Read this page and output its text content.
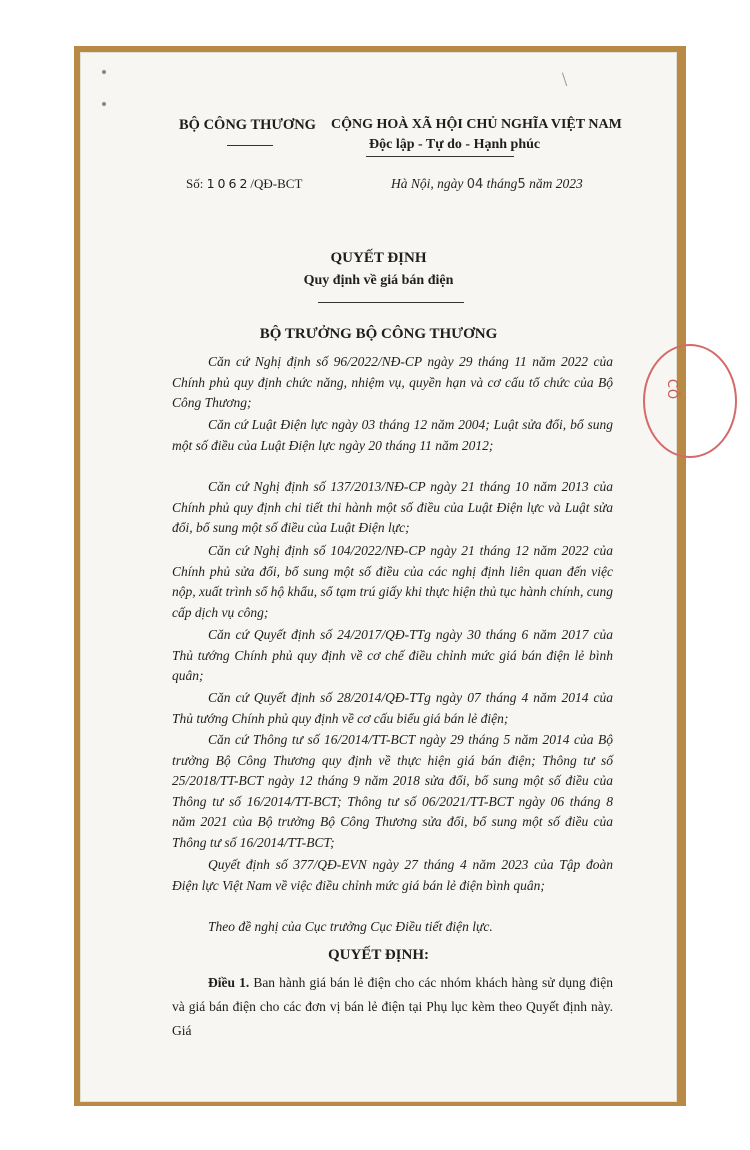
CÔ
BỘ CÔNG THƯƠNG CỘNG HOÀ XÃ HỘI CHỦ NGHĨA VIỆT NAM
Độc lập - Tự do - Hạnh phúc
Số: 1062/QĐ-BCT	Hà Nội, ngày 04 tháng5 năm 2023
QUYẾT ĐỊNH
Quy định về giá bán điện
BỘ TRƯỞNG BỘ CÔNG THƯƠNG
Căn cứ Nghị định số 96/2022/NĐ-CP ngày 29 tháng 11 năm 2022 của Chính phủ quy định chức năng, nhiệm vụ, quyền hạn và cơ cấu tổ chức của Bộ Công Thương;
Căn cứ Luật Điện lực ngày 03 tháng 12 năm 2004; Luật sửa đổi, bổ sung một số điều của Luật Điện lực ngày 20 tháng 11 năm 2012;
Căn cứ Nghị định số 137/2013/NĐ-CP ngày 21 tháng 10 năm 2013 của Chính phủ quy định chi tiết thi hành một số điều của Luật Điện lực và Luật sửa đổi, bổ sung một số điều của Luật Điện lực;
Căn cứ Nghị định số 104/2022/NĐ-CP ngày 21 tháng 12 năm 2022 của Chính phủ sửa đổi, bổ sung một số điều của các nghị định liên quan đến việc nộp, xuất trình sổ hộ khẩu, sổ tạm trú giấy khi thực hiện thủ tục hành chính, cung cấp dịch vụ công;
Căn cứ Quyết định số 24/2017/QĐ-TTg ngày 30 tháng 6 năm 2017 của Thủ tướng Chính phủ quy định về cơ chế điều chỉnh mức giá bán điện lẻ bình quân;
Căn cứ Quyết định số 28/2014/QĐ-TTg ngày 07 tháng 4 năm 2014 của Thủ tướng Chính phủ quy định về cơ cấu biểu giá bán lẻ điện;
Căn cứ Thông tư số 16/2014/TT-BCT ngày 29 tháng 5 năm 2014 của Bộ trưởng Bộ Công Thương quy định về thực hiện giá bán điện; Thông tư số 25/2018/TT-BCT ngày 12 tháng 9 năm 2018 sửa đổi, bổ sung một số điều của Thông tư số 16/2014/TT-BCT; Thông tư số 06/2021/TT-BCT ngày 06 tháng 8 năm 2021 của Bộ trưởng Bộ Công Thương sửa đổi, bổ sung một số điều của Thông tư số 16/2014/TT-BCT;
Quyết định số 377/QĐ-EVN ngày 27 tháng 4 năm 2023 của Tập đoàn Điện lực Việt Nam về việc điều chỉnh mức giá bán lẻ điện bình quân;
Theo đề nghị của Cục trưởng Cục Điều tiết điện lực.
QUYẾT ĐỊNH:
Điều 1. Ban hành giá bán lẻ điện cho các nhóm khách hàng sử dụng điện và giá bán điện cho các đơn vị bán lẻ điện tại Phụ lục kèm theo Quyết định này. Giá
